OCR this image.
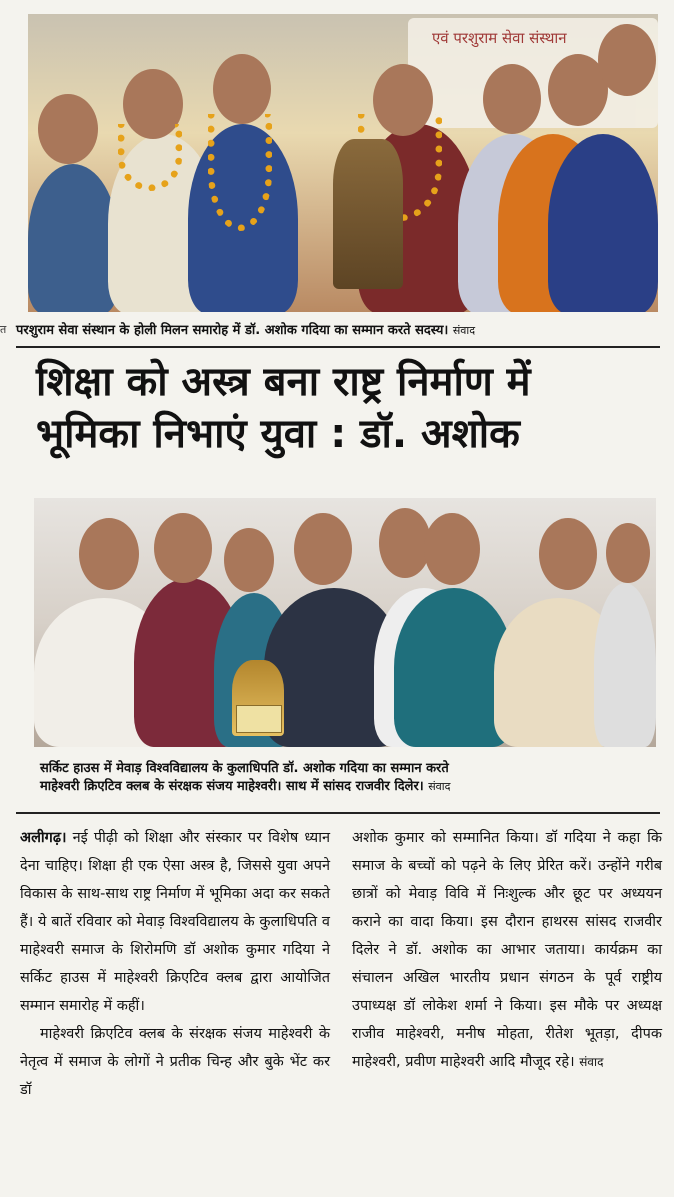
त
एवं परशुराम सेवा संस्थान

परशुराम सेवा संस्थान के होली मिलन समारोह में डॉ. अशोक गदिया का सम्मान करते सदस्य। संवाद

शिक्षा को अस्त्र बना राष्ट्र निर्माण में
भूमिका निभाएं युवा : डॉ. अशोक

सर्किट हाउस में मेवाड़ विश्वविद्यालय के कुलाधिपति डॉ. अशोक गदिया का सम्मान करते
माहेश्वरी क्रिएटिव क्लब के संरक्षक संजय माहेश्वरी। साथ में सांसद राजवीर दिलेर। संवाद

अलीगढ़। नई पीढ़ी को शिक्षा और संस्कार पर विशेष ध्यान देना चाहिए। शिक्षा ही एक ऐसा अस्त्र है, जिससे युवा अपने विकास के साथ-साथ राष्ट्र निर्माण में भूमिका अदा कर सकते हैं। ये बातें रविवार को मेवाड़ विश्वविद्यालय के कुलाधिपति व माहेश्वरी समाज के शिरोमणि डॉ अशोक कुमार गदिया ने सर्किट हाउस में माहेश्वरी क्रिएटिव क्लब द्वारा आयोजित सम्मान समारोह में कहीं।

माहेश्वरी क्रिएटिव क्लब के संरक्षक संजय माहेश्वरी के नेतृत्व में समाज के लोगों ने प्रतीक चिन्ह और बुके भेंट कर डॉ

अशोक कुमार को सम्मानित किया। डॉ गदिया ने कहा कि समाज के बच्चों को पढ़ने के लिए प्रेरित करें। उन्होंने गरीब छात्रों को मेवाड़ विवि में निःशुल्क और छूट पर अध्ययन कराने का वादा किया। इस दौरान हाथरस सांसद राजवीर दिलेर ने डॉ. अशोक का आभार जताया। कार्यक्रम का संचालन अखिल भारतीय प्रधान संगठन के पूर्व राष्ट्रीय उपाध्यक्ष डॉ लोकेश शर्मा ने किया। इस मौके पर अध्यक्ष राजीव माहेश्वरी, मनीष मोहता, रीतेश भूतड़ा, दीपक माहेश्वरी, प्रवीण माहेश्वरी आदि मौजूद रहे। संवाद
